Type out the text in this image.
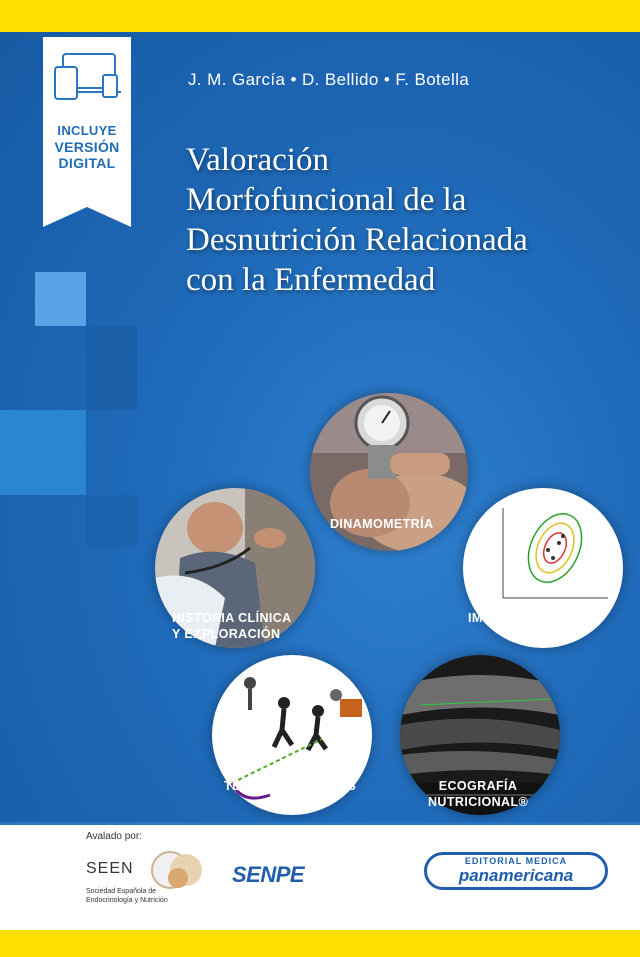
INCLUYE
VERSIÓN
DIGITAL
J. M. García • D. Bellido • F. Botella
Valoración
Morfofuncional de la
Desnutrición Relacionada
con la Enfermedad
DINAMOMETRÍA
HISTORIA CLÍNICA
Y EXPLORACIÓN
IMPEDANCIOMETRÍA
TEST FUNCIONALES	ECOGRAFÍA
NUTRICIONAL®
Avalado por:
SEEN
Sociedad Española de
Endocrinología y Nutrición
SENPE
EDITORIAL MEDICA
panamericana
